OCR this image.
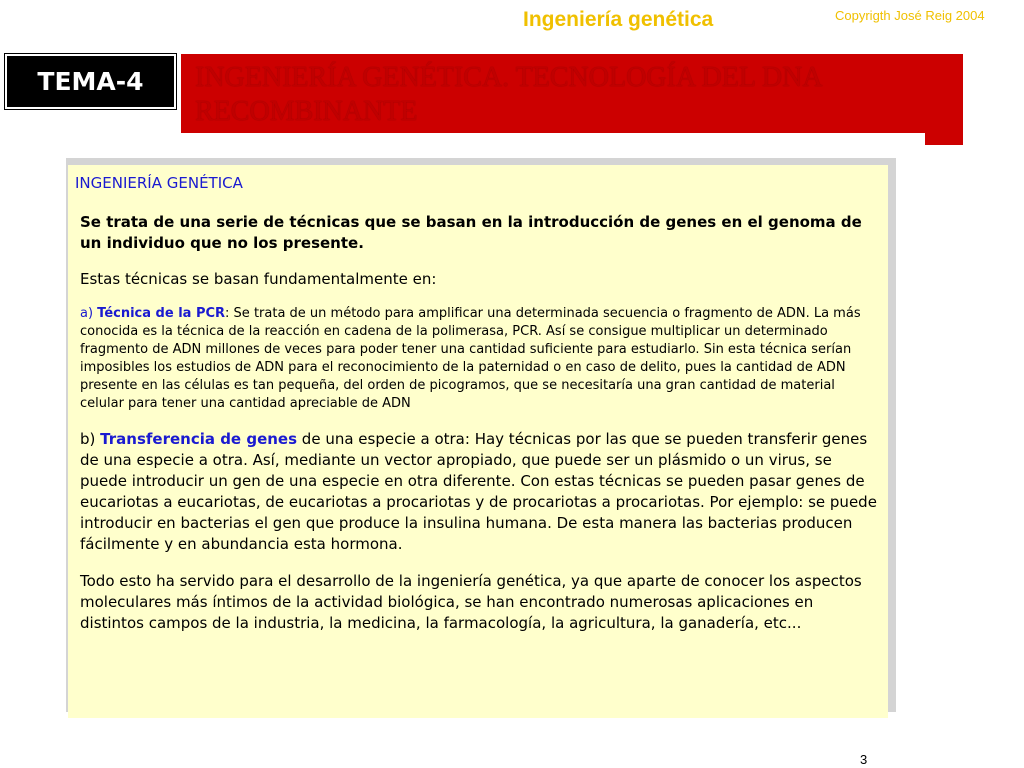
Ingeniería genética	Copyrigth José Reig 2004
TEMA-4	INGENIERÍA GENÉTICA. TECNOLOGÍA DEL DNA RECOMBINANTE

INGENIERÍA GENÉTICA

Se trata de una serie de técnicas que se basan en la introducción de genes en el genoma de un individuo que no los presente.

Estas técnicas se basan fundamentalmente en:

a) Técnica de la PCR: Se trata de un método para amplificar una determinada secuencia o fragmento de ADN. La más conocida es la técnica de la reacción en cadena de la polimerasa, PCR. Así se consigue multiplicar un determinado fragmento de ADN millones de veces para poder tener una cantidad suficiente para estudiarlo. Sin esta técnica serían imposibles los estudios de ADN para el reconocimiento de la paternidad o en caso de delito, pues la cantidad de ADN presente en las células es tan pequeña, del orden de picogramos, que se necesitaría una gran cantidad de material celular para tener una cantidad apreciable de ADN

b) Transferencia de genes de una especie a otra: Hay técnicas por las que se pueden transferir genes de una especie a otra. Así, mediante un vector apropiado, que puede ser un plásmido o un virus, se puede introducir un gen de una especie en otra diferente. Con estas técnicas se pueden pasar genes de eucariotas a eucariotas, de eucariotas a procariotas y de procariotas a procariotas. Por ejemplo: se puede introducir en bacterias el gen que produce la insulina humana. De esta manera las bacterias producen fácilmente y en abundancia esta hormona.

Todo esto ha servido para el desarrollo de la ingeniería genética, ya que aparte de conocer los aspectos moleculares más íntimos de la actividad biológica, se han encontrado numerosas aplicaciones en distintos campos de la industria, la medicina, la farmacología, la agricultura, la ganadería, etc...

3
